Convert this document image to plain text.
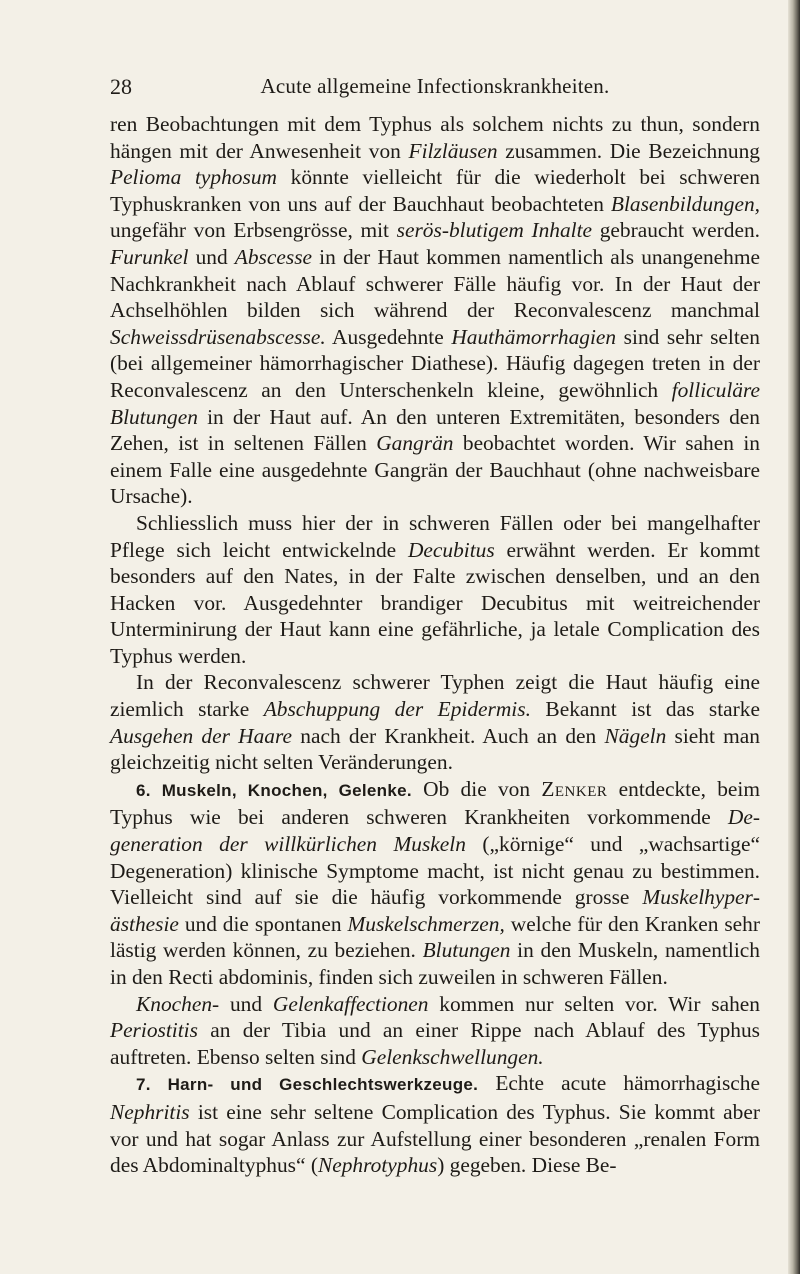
28	Acute allgemeine Infectionskrankheiten.

ren Beobachtungen mit dem Typhus als solchem nichts zu thun, sondern hängen mit der Anwesenheit von Filzläusen zusammen. Die Bezeichnung Pelioma typhosum könnte vielleicht für die wiederholt bei schweren Typhuskranken von uns auf der Bauchhaut beobachteten Blasenbildungen, ungefähr von Erbsengrösse, mit serös-blutigem Inhalte gebraucht werden. Furunkel und Abscesse in der Haut kommen namentlich als unangenehme Nachkrankheit nach Ablauf schwerer Fälle häufig vor. In der Haut der Achselhöhlen bilden sich während der Reconvalescenz manchmal Schweissdrüsenabscesse. Ausgedehnte Hauthämorrhagien sind sehr selten (bei allgemeiner hämorrhagischer Diathese). Häufig dagegen treten in der Reconvalescenz an den Unterschenkeln kleine, gewöhnlich folliculäre Blutungen in der Haut auf. An den unteren Extremitäten, besonders den Zehen, ist in seltenen Fällen Gangrän beobachtet worden. Wir sahen in einem Falle eine ausgedehnte Gangrän der Bauchhaut (ohne nachweisbare Ursache).

Schliesslich muss hier der in schweren Fällen oder bei mangelhafter Pflege sich leicht entwickelnde Decubitus erwähnt werden. Er kommt besonders auf den Nates, in der Falte zwischen denselben, und an den Hacken vor. Ausgedehnter brandiger Decubitus mit weitreichender Unterminirung der Haut kann eine gefährliche, ja letale Complication des Typhus werden.

In der Reconvalescenz schwerer Typhen zeigt die Haut häufig eine ziemlich starke Abschuppung der Epidermis. Bekannt ist das starke Ausgehen der Haare nach der Krankheit. Auch an den Nägeln sieht man gleichzeitig nicht selten Veränderungen.

6. Muskeln, Knochen, Gelenke. Ob die von Zenker entdeckte, beim Typhus wie bei anderen schweren Krankheiten vorkommende Degeneration der willkürlichen Muskeln („körnige“ und „wachsartige“ Degeneration) klinische Symptome macht, ist nicht genau zu bestimmen. Vielleicht sind auf sie die häufig vorkommende grosse Muskelhyperästhesie und die spontanen Muskelschmerzen, welche für den Kranken sehr lästig werden können, zu beziehen. Blutungen in den Muskeln, namentlich in den Recti abdominis, finden sich zuweilen in schweren Fällen.

Knochen- und Gelenkaffectionen kommen nur selten vor. Wir sahen Periostitis an der Tibia und an einer Rippe nach Ablauf des Typhus auftreten. Ebenso selten sind Gelenkschwellungen.

7. Harn- und Geschlechtswerkzeuge. Echte acute hämorrhagische Nephritis ist eine sehr seltene Complication des Typhus. Sie kommt aber vor und hat sogar Anlass zur Aufstellung einer besonderen „renalen Form des Abdominaltyphus“ (Nephrotyphus) gegeben. Diese Be-
